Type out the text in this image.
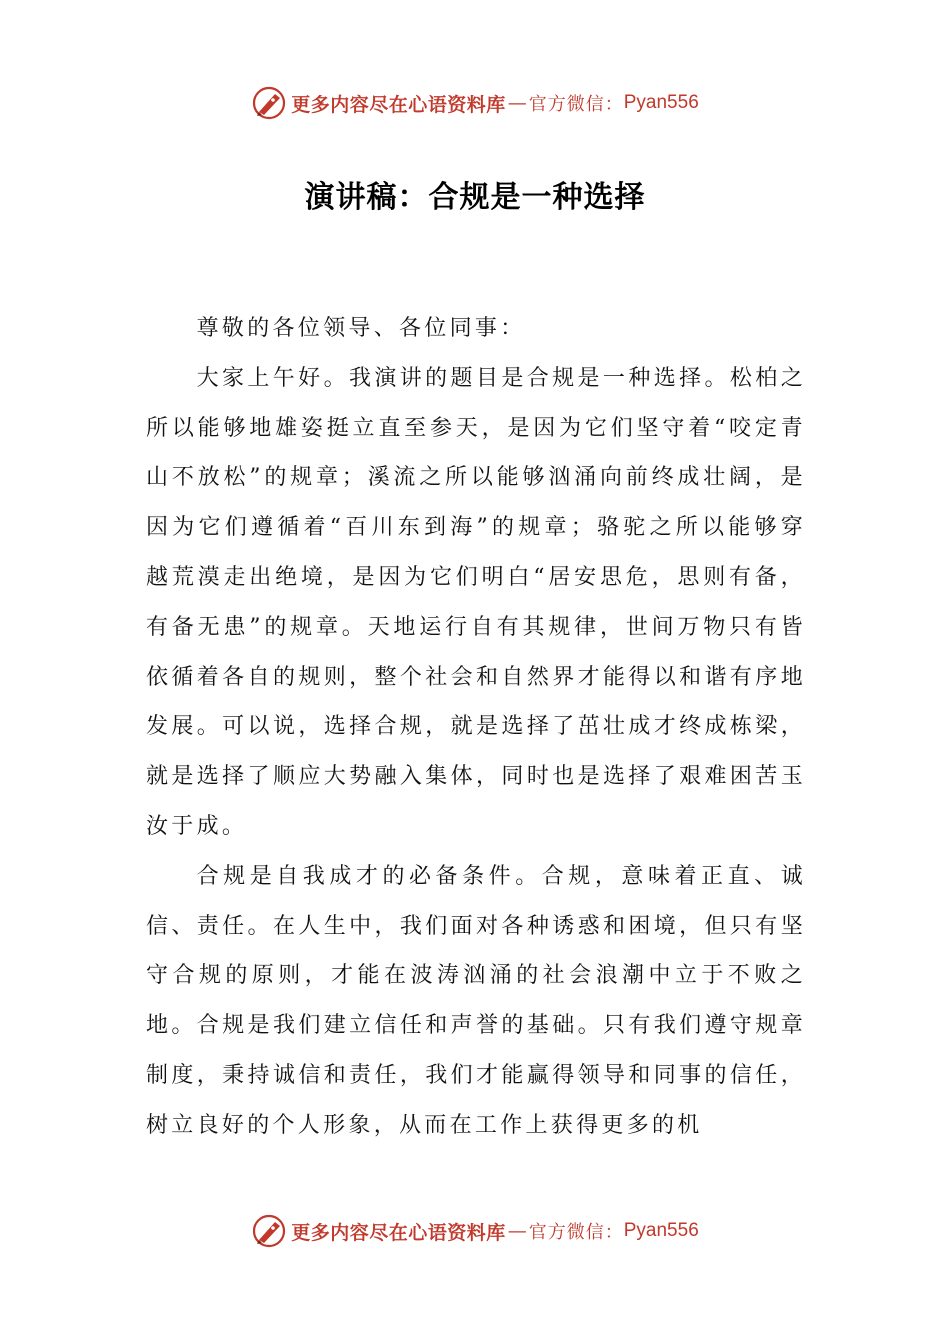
更多内容尽在心语资料库 — 官方微信： Pyan556
演讲稿：合规是一种选择

尊敬的各位领导、各位同事：

大家上午好。我演讲的题目是合规是一种选择。松柏之所以能够地雄姿挺立直至参天，是因为它们坚守着“咬定青山不放松”的规章；溪流之所以能够汹涌向前终成壮阔，是因为它们遵循着“百川东到海”的规章；骆驼之所以能够穿越荒漠走出绝境，是因为它们明白“居安思危，思则有备，有备无患”的规章。天地运行自有其规律，世间万物只有皆依循着各自的规则，整个社会和自然界才能得以和谐有序地发展。可以说，选择合规，就是选择了茁壮成才终成栋梁，就是选择了顺应大势融入集体，同时也是选择了艰难困苦玉汝于成。

合规是自我成才的必备条件。合规，意味着正直、诚信、责任。在人生中，我们面对各种诱惑和困境，但只有坚守合规的原则，才能在波涛汹涌的社会浪潮中立于不败之地。合规是我们建立信任和声誉的基础。只有我们遵守规章制度，秉持诚信和责任，我们才能赢得领导和同事的信任，树立良好的个人形象，从而在工作上获得更多的机

更多内容尽在心语资料库 — 官方微信： Pyan556
